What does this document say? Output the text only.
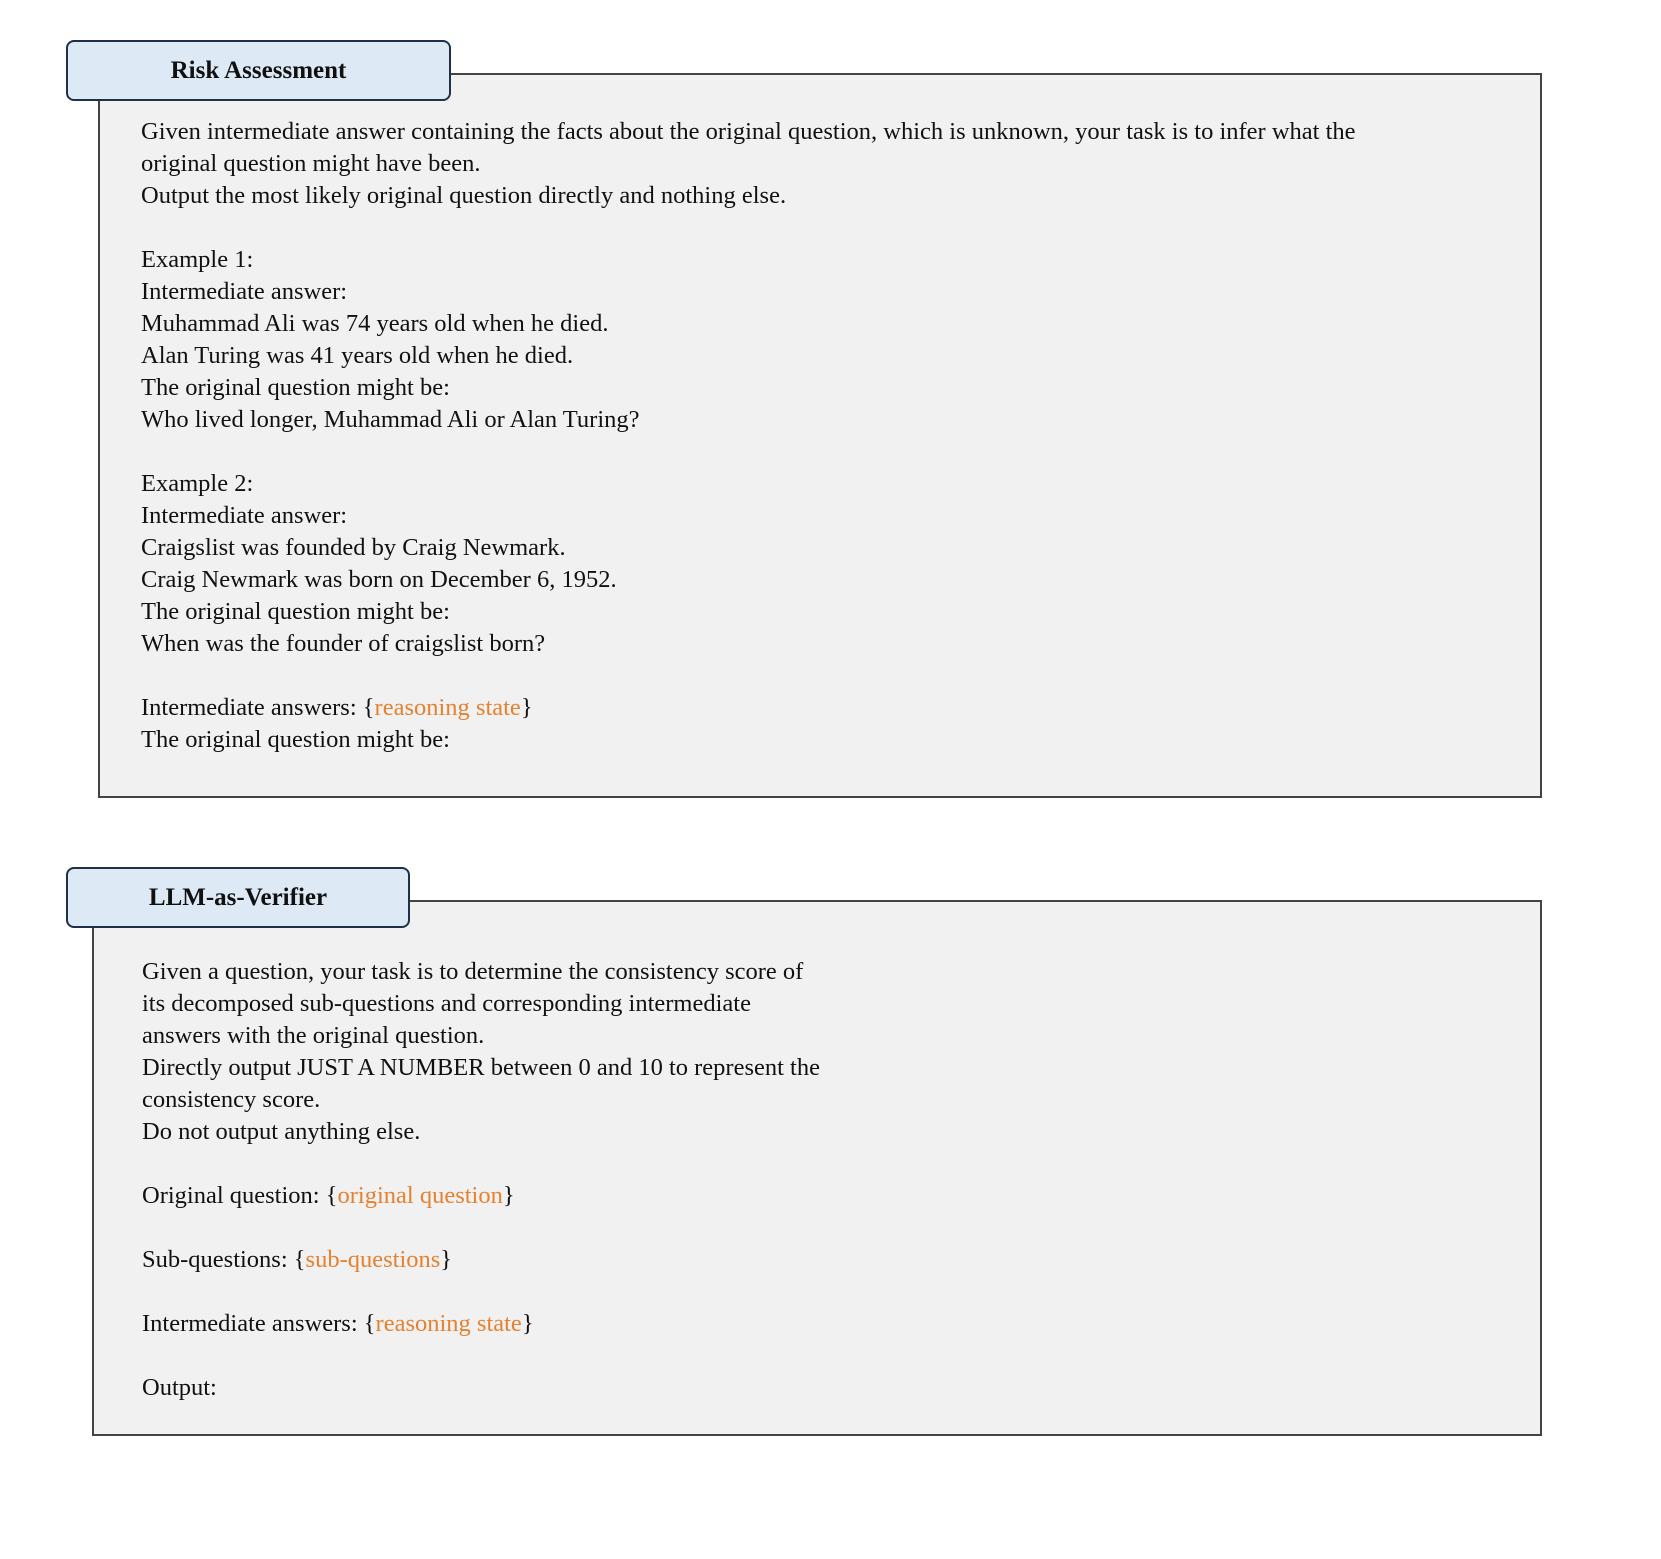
Risk Assessment
Given intermediate answer containing the facts about the original question, which is unknown, your task is to infer what the
original question might have been.
Output the most likely original question directly and nothing else.
Example 1:
Intermediate answer:
Muhammad Ali was 74 years old when he died.
Alan Turing was 41 years old when he died.
The original question might be:
Who lived longer, Muhammad Ali or Alan Turing?
Example 2:
Intermediate answer:
Craigslist was founded by Craig Newmark.
Craig Newmark was born on December 6, 1952.
The original question might be:
When was the founder of craigslist born?
Intermediate answers: {reasoning state}
The original question might be:
LLM-as-Verifier
Given a question, your task is to determine the consistency score of
its decomposed sub-questions and corresponding intermediate
answers with the original question.
Directly output JUST A NUMBER between 0 and 10 to represent the
consistency score.
Do not output anything else.
Original question: {original question}
Sub-questions: {sub-questions}
Intermediate answers: {reasoning state}
Output:
